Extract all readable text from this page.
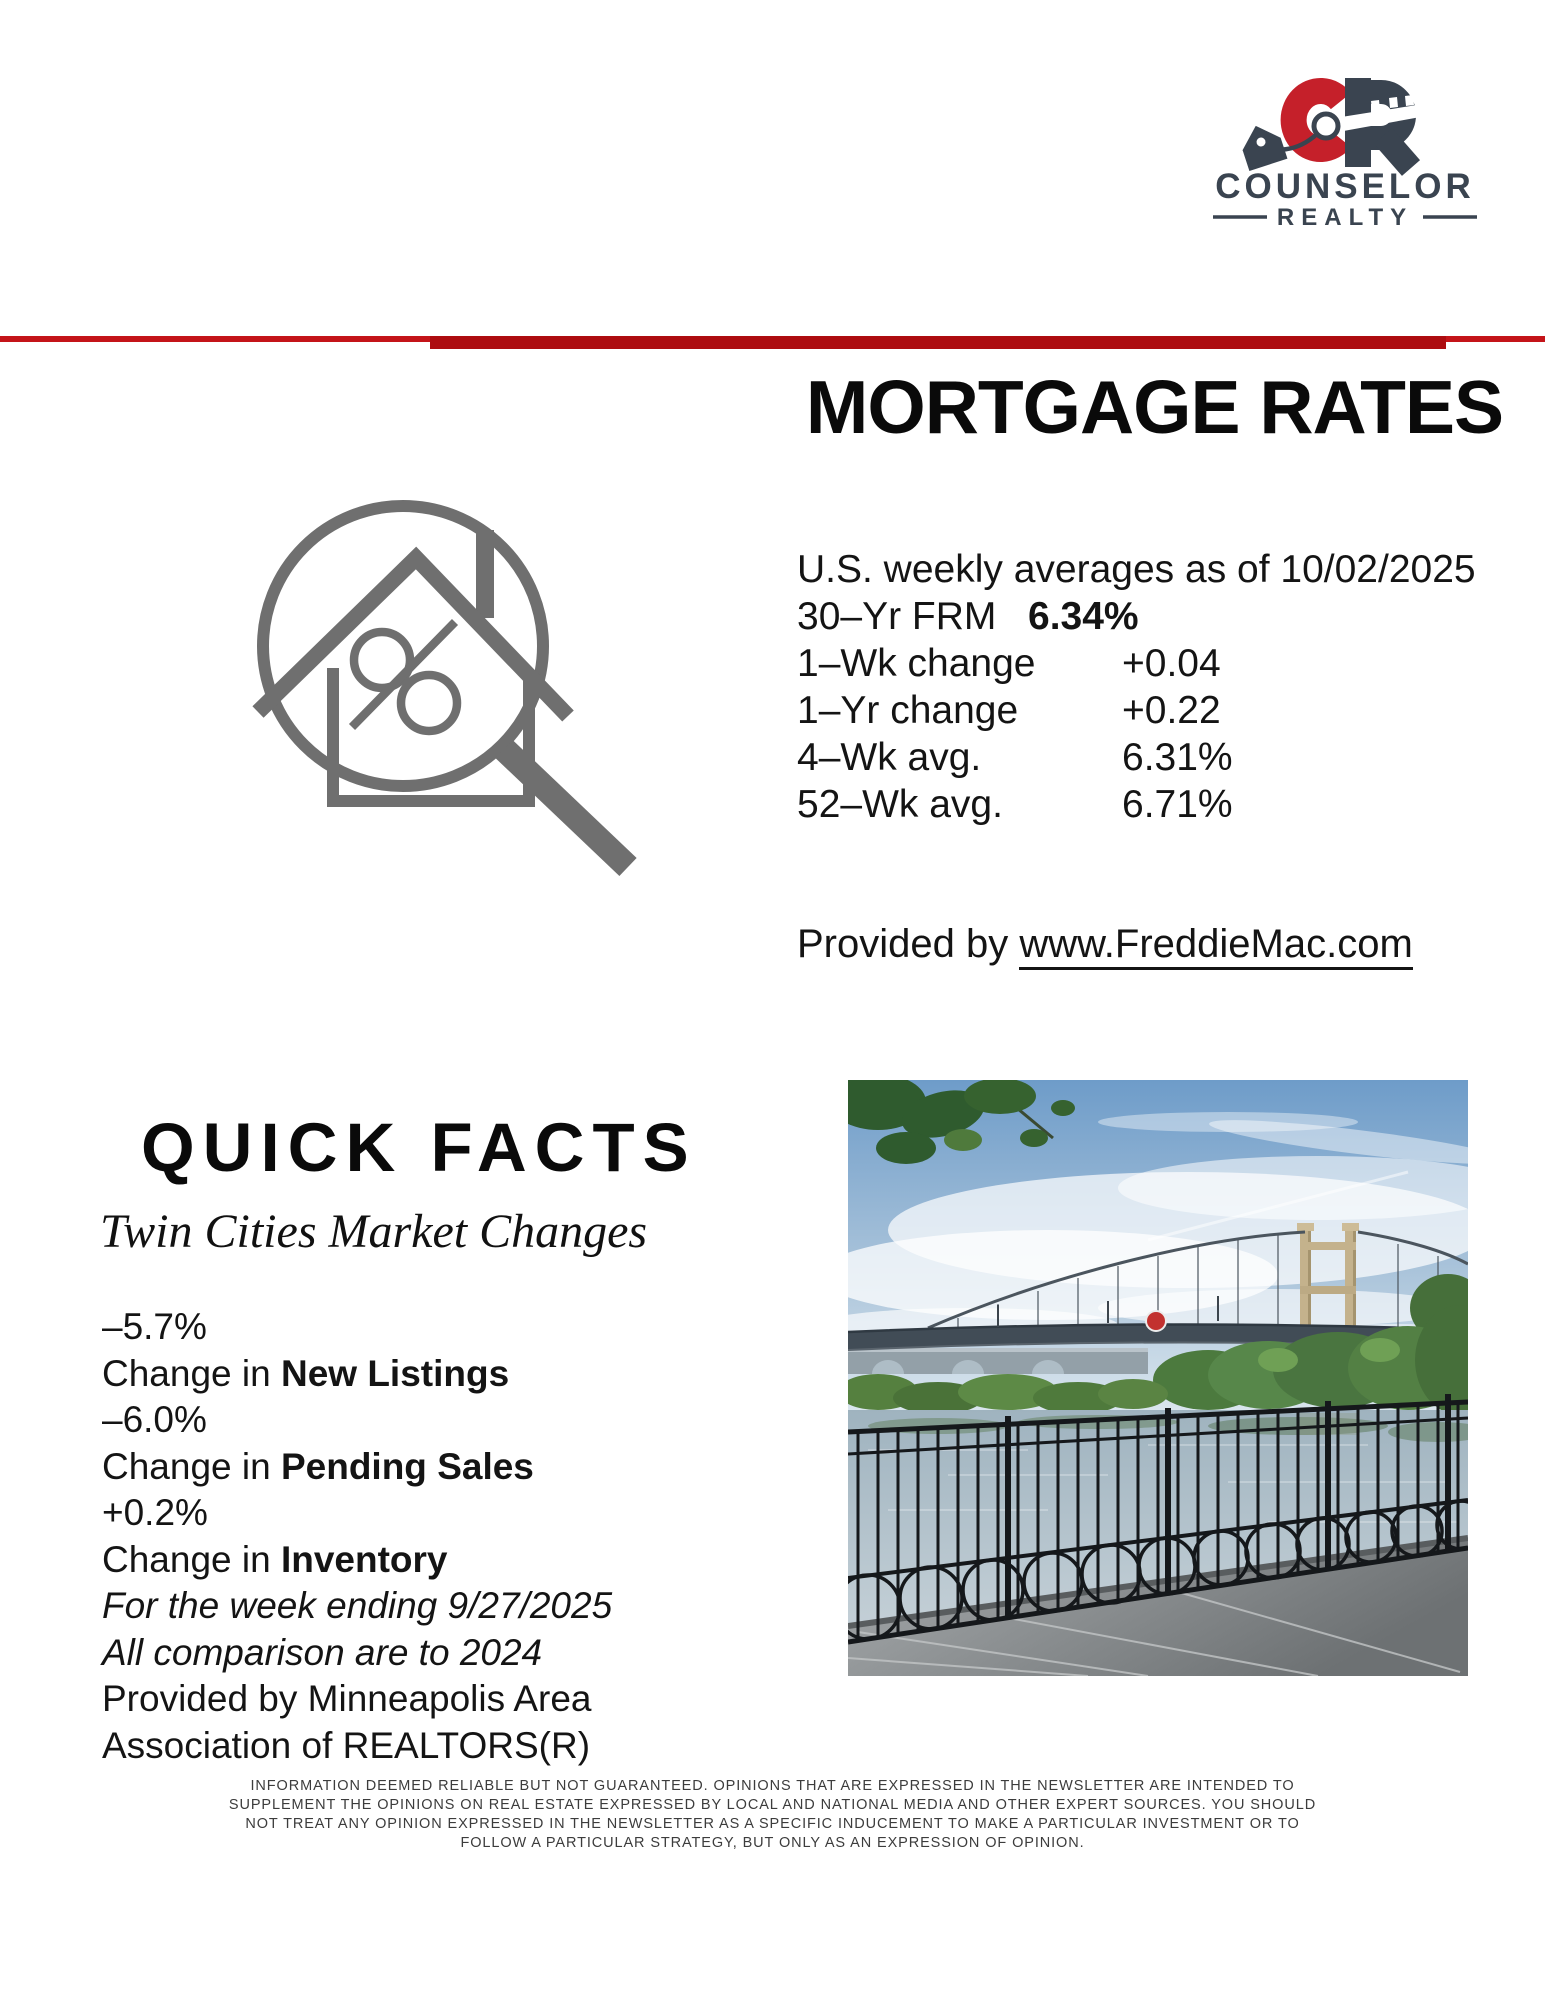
COUNSELOR
REALTY
MORTGAGE RATES
U.S. weekly averages as of 10/02/2025
30–Yr FRM 6.34%
1–Wk change +0.04
1–Yr change	+0.22
4–Wk avg.	6.31%
52–Wk avg.	6.71%
Provided by www.FreddieMac.com
QUICK FACTS
Twin Cities Market Changes
–5.7%
Change in New Listings
–6.0%
Change in Pending Sales
+0.2%
Change in Inventory
For the week ending 9/27/2025
All comparison are to 2024
Provided by Minneapolis Area
Association of REALTORS(R)
INFORMATION DEEMED RELIABLE BUT NOT GUARANTEED. OPINIONS THAT ARE EXPRESSED IN THE NEWSLETTER ARE INTENDED TO SUPPLEMENT THE OPINIONS ON REAL ESTATE EXPRESSED BY LOCAL AND NATIONAL MEDIA AND OTHER EXPERT SOURCES. YOU SHOULD NOT TREAT ANY OPINION EXPRESSED IN THE NEWSLETTER AS A SPECIFIC INDUCEMENT TO MAKE A PARTICULAR INVESTMENT OR TO FOLLOW A PARTICULAR STRATEGY, BUT ONLY AS AN EXPRESSION OF OPINION.
